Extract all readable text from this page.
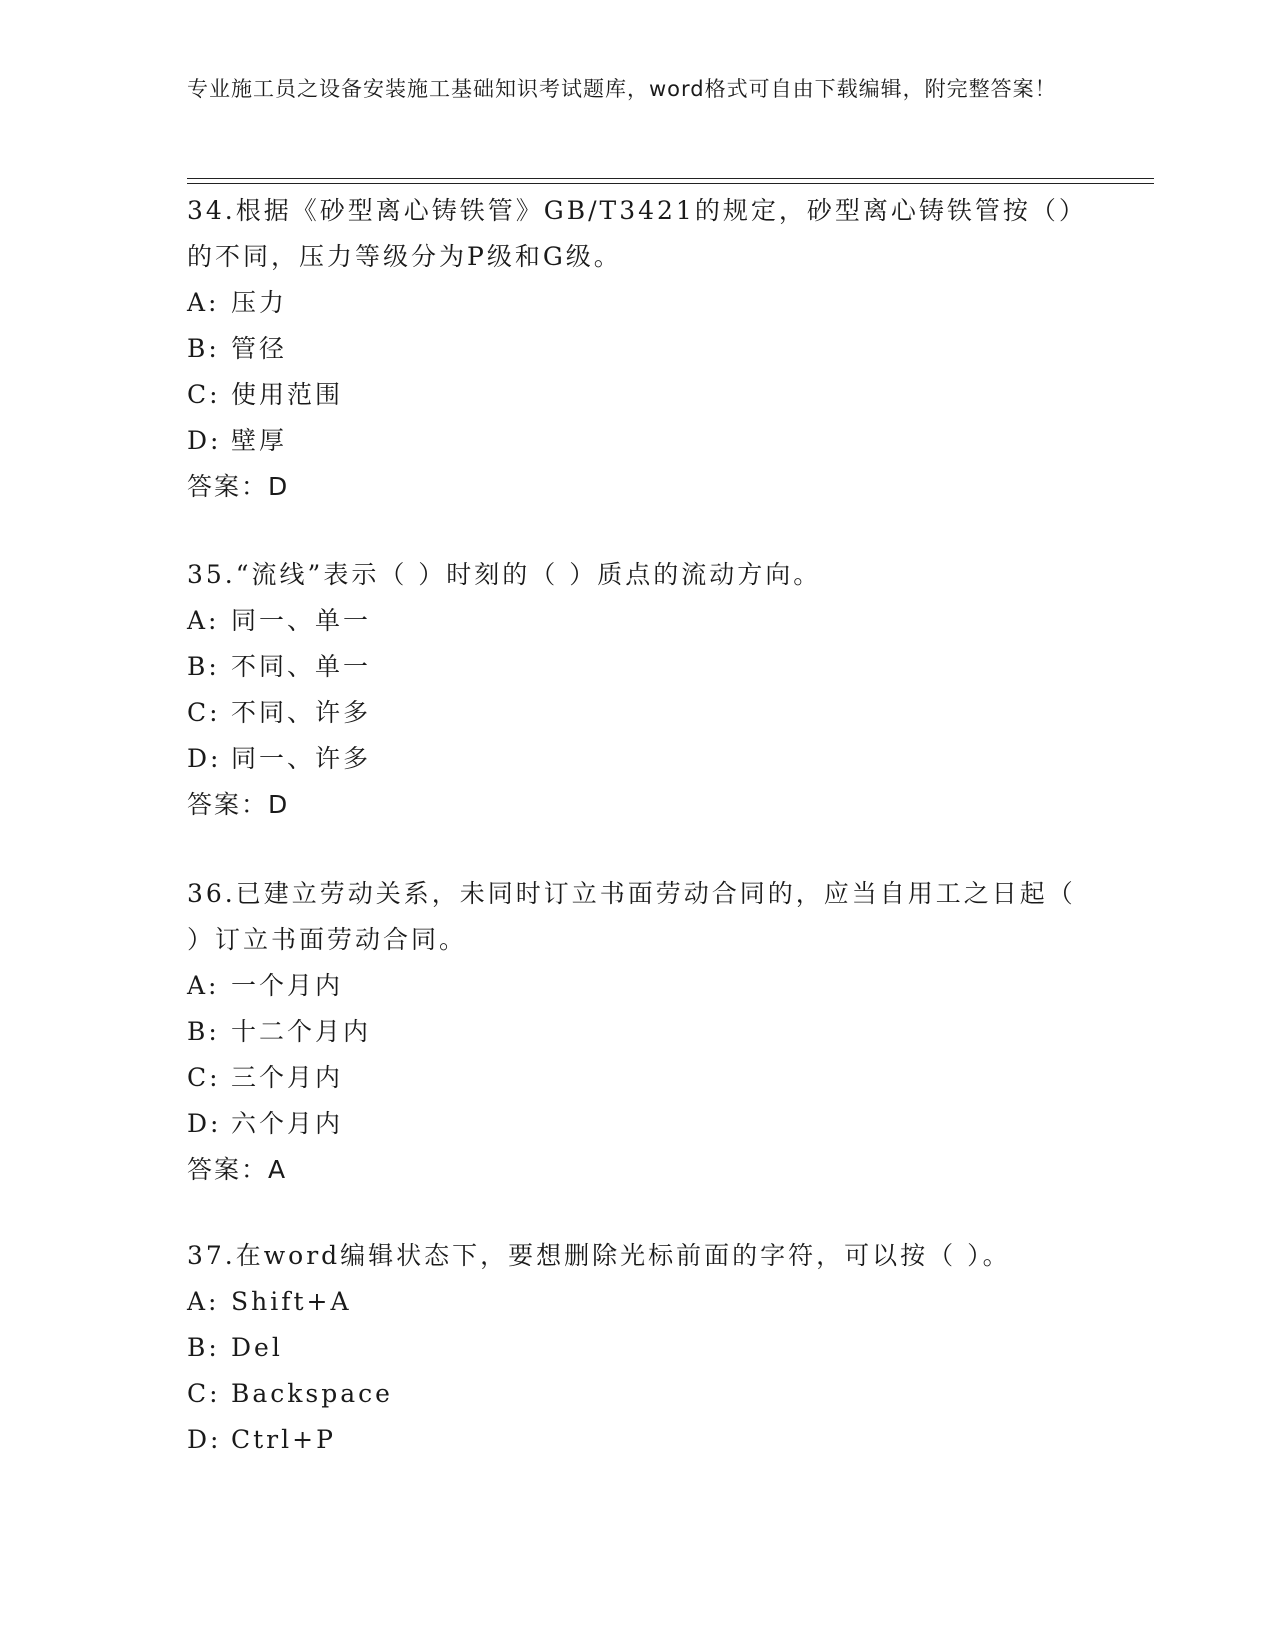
专业施工员之设备安装施工基础知识考试题库，word格式可自由下载编辑，附完整答案！
34.根据《砂型离心铸铁管》GB/T3421的规定，砂型离心铸铁管按（）的不同，压力等级分为P级和G级。
A: 压力
B: 管径
C: 使用范围
D: 壁厚
答案：D
35.“流线”表示（ ）时刻的（ ）质点的流动方向。
A: 同一、单一
B: 不同、单一
C: 不同、许多
D: 同一、许多
答案：D
36.已建立劳动关系，未同时订立书面劳动合同的，应当自用工之日起（ ）订立书面劳动合同。
A: 一个月内
B: 十二个月内
C: 三个月内
D: 六个月内
答案：A
37.在word编辑状态下，要想删除光标前面的字符，可以按（ ）。
A: Shift+A
B: Del
C: Backspace
D: Ctrl+P
